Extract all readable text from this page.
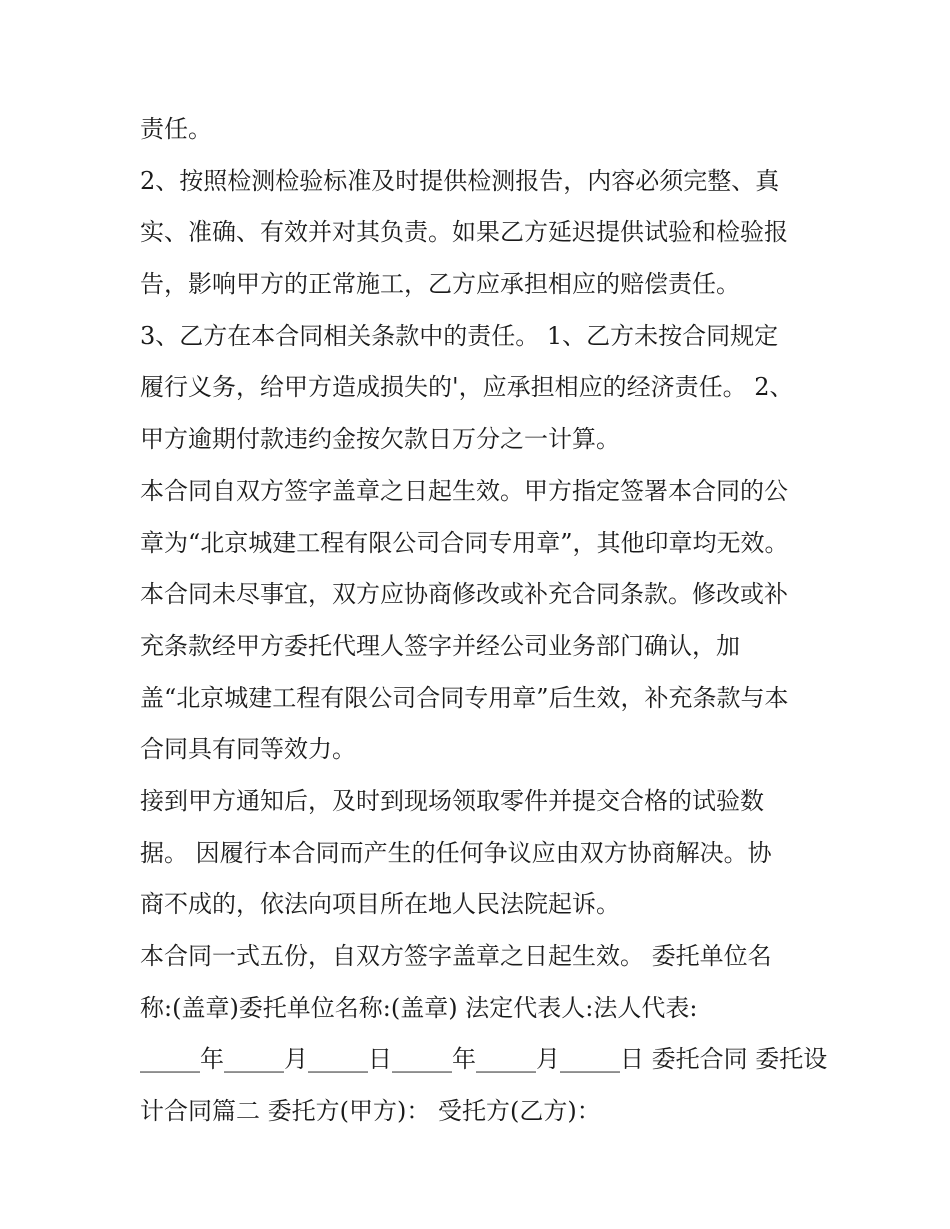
责任。
2、按照检测检验标准及时提供检测报告，内容必须完整、真
实、准确、有效并对其负责。如果乙方延迟提供试验和检验报
告，影响甲方的正常施工，乙方应承担相应的赔偿责任。
3、乙方在本合同相关条款中的责任。 1、乙方未按合同规定
履行义务，给甲方造成损失的'，应承担相应的经济责任。 2、
甲方逾期付款违约金按欠款日万分之一计算。
本合同自双方签字盖章之日起生效。甲方指定签署本合同的公
章为“北京城建工程有限公司合同专用章”，其他印章均无效。
本合同未尽事宜，双方应协商修改或补充合同条款。修改或补
充条款经甲方委托代理人签字并经公司业务部门确认，加
盖“北京城建工程有限公司合同专用章”后生效，补充条款与本
合同具有同等效力。
接到甲方通知后，及时到现场领取零件并提交合格的试验数
据。 因履行本合同而产生的任何争议应由双方协商解决。协
商不成的，依法向项目所在地人民法院起诉。
本合同一式五份，自双方签字盖章之日起生效。 委托单位名
称:(盖章)委托单位名称:(盖章) 法定代表人:法人代表:
_____年_____月_____日_____年_____月_____日 委托合同 委托设
计合同篇二 委托方(甲方)： 受托方(乙方)：
